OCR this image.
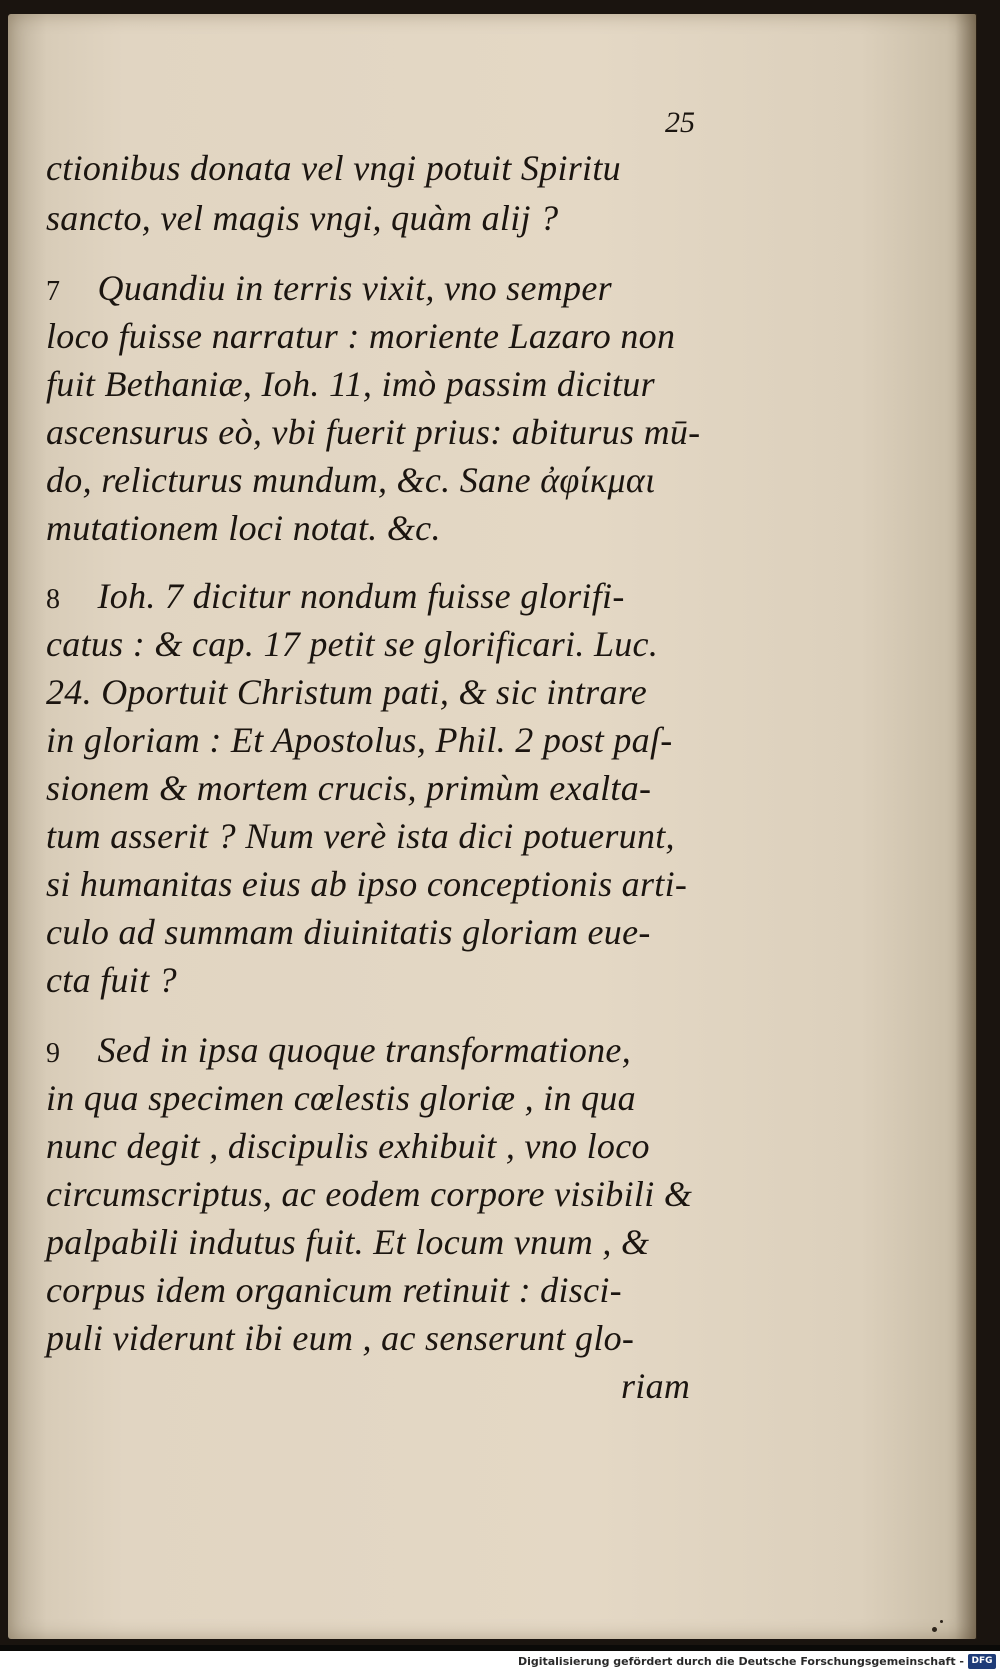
25
ctionibus donata vel vngi potuit Spiritu
sancto, vel magis vngi, quàm alij ?
7 Quandiu in terris vixit, vno semper
loco fuisse narratur : moriente Lazaro non
fuit Bethaniæ, Ioh. 11, imò passim dicitur
ascensurus eò, vbi fuerit prius: abiturus mū-
do, relicturus mundum, &c. Sane ἀφίκμαι
mutationem loci notat. &c.
8 Ioh. 7 dicitur nondum fuisse glorifi-
catus : & cap. 17 petit se glorificari. Luc.
24. Oportuit Christum pati, & sic intrare
in gloriam : Et Apostolus, Phil. 2 post paſ-
sionem & mortem crucis, primùm exalta-
tum asserit ? Num verè ista dici potuerunt,
si humanitas eius ab ipso conceptionis arti-
culo ad summam diuinitatis gloriam eue-
cta fuit ?
9 Sed in ipsa quoque transformatione,
in qua specimen cœlestis gloriæ , in qua
nunc degit , discipulis exhibuit , vno loco
circumscriptus, ac eodem corpore visibili &
palpabili indutus fuit. Et locum vnum , &
corpus idem organicum retinuit : disci-
puli viderunt ibi eum , ac senserunt glo-
riam
Digitalisierung gefördert durch die Deutsche Forschungsgemeinschaft - DFG
